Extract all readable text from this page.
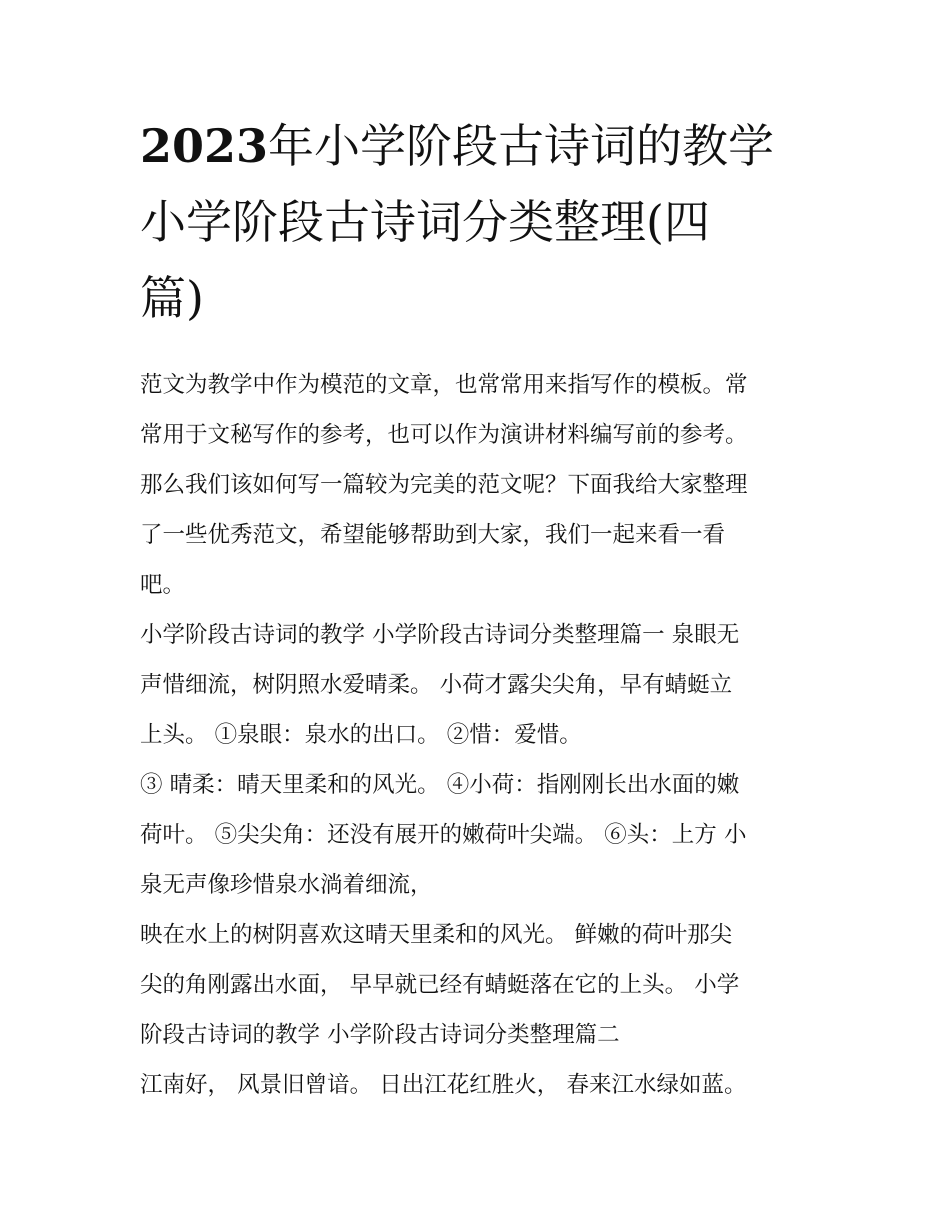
2023年小学阶段古诗词的教学
小学阶段古诗词分类整理(四
篇)
范文为教学中作为模范的文章，也常常用来指写作的模板。常
常用于文秘写作的参考，也可以作为演讲材料编写前的参考。
那么我们该如何写一篇较为完美的范文呢？下面我给大家整理
了一些优秀范文，希望能够帮助到大家，我们一起来看一看
吧。
小学阶段古诗词的教学 小学阶段古诗词分类整理篇一 泉眼无
声惜细流，树阴照水爱晴柔。 小荷才露尖尖角，早有蜻蜓立
上头。 ①泉眼：泉水的出口。 ②惜：爱惜。
③ 晴柔：晴天里柔和的风光。 ④小荷：指刚刚长出水面的嫩
荷叶。 ⑤尖尖角：还没有展开的嫩荷叶尖端。 ⑥头：上方 小
泉无声像珍惜泉水淌着细流，
映在水上的树阴喜欢这晴天里柔和的风光。 鲜嫩的荷叶那尖
尖的角刚露出水面， 早早就已经有蜻蜓落在它的上头。 小学
阶段古诗词的教学 小学阶段古诗词分类整理篇二
江南好， 风景旧曾谙。 日出江花红胜火， 春来江水绿如蓝。
